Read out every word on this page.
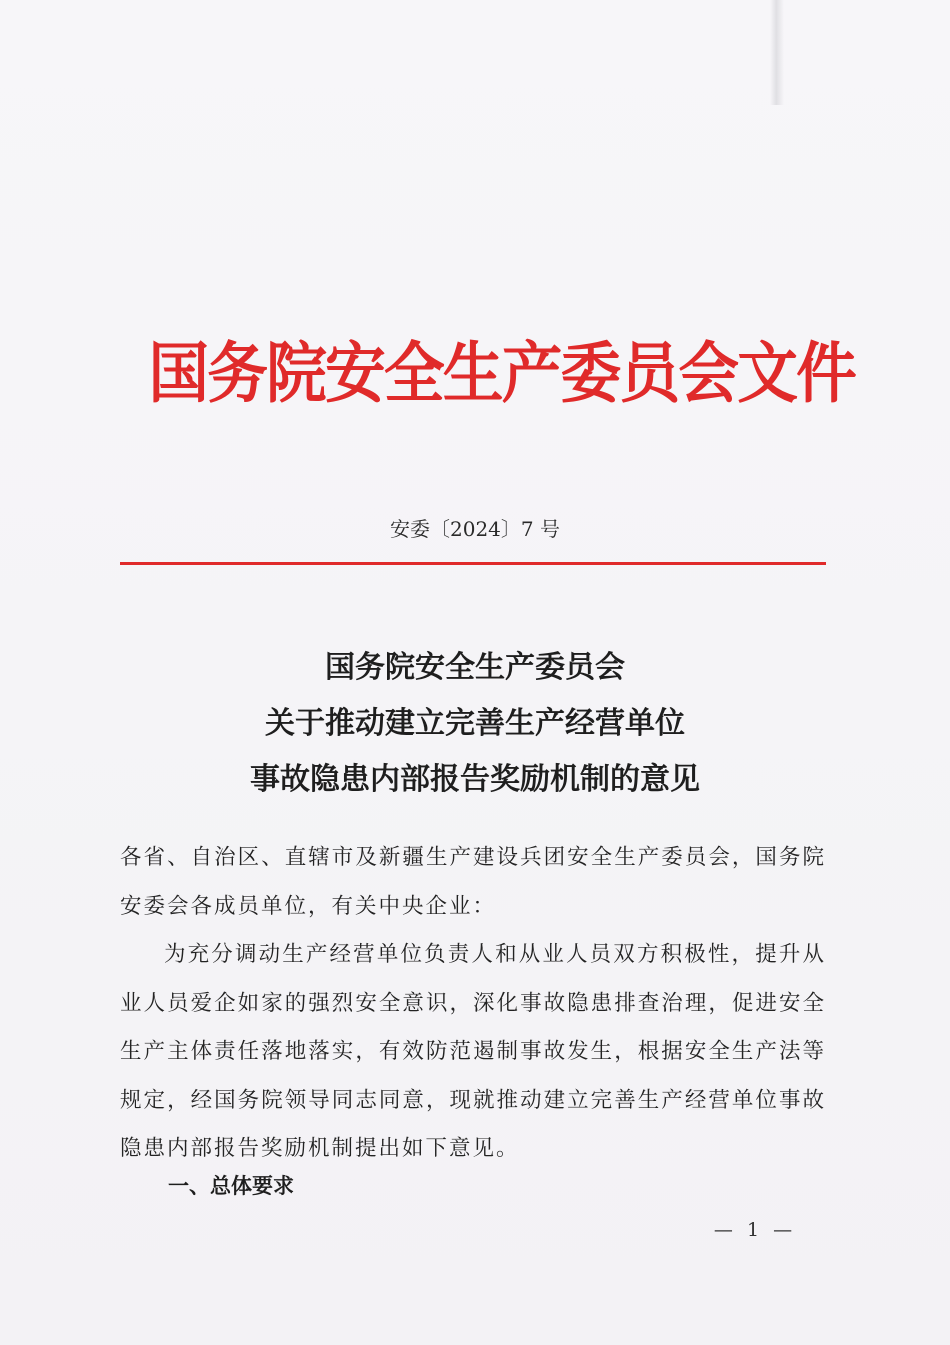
国务院安全生产委员会文件
安委〔2024〕7 号
国务院安全生产委员会
关于推动建立完善生产经营单位
事故隐患内部报告奖励机制的意见

各省、自治区、直辖市及新疆生产建设兵团安全生产委员会，国务院安委会各成员单位，有关中央企业：

为充分调动生产经营单位负责人和从业人员双方积极性，提升从业人员爱企如家的强烈安全意识，深化事故隐患排查治理，促进安全生产主体责任落地落实，有效防范遏制事故发生，根据安全生产法等规定，经国务院领导同志同意，现就推动建立完善生产经营单位事故隐患内部报告奖励机制提出如下意见。

一、总体要求
— 1 —
